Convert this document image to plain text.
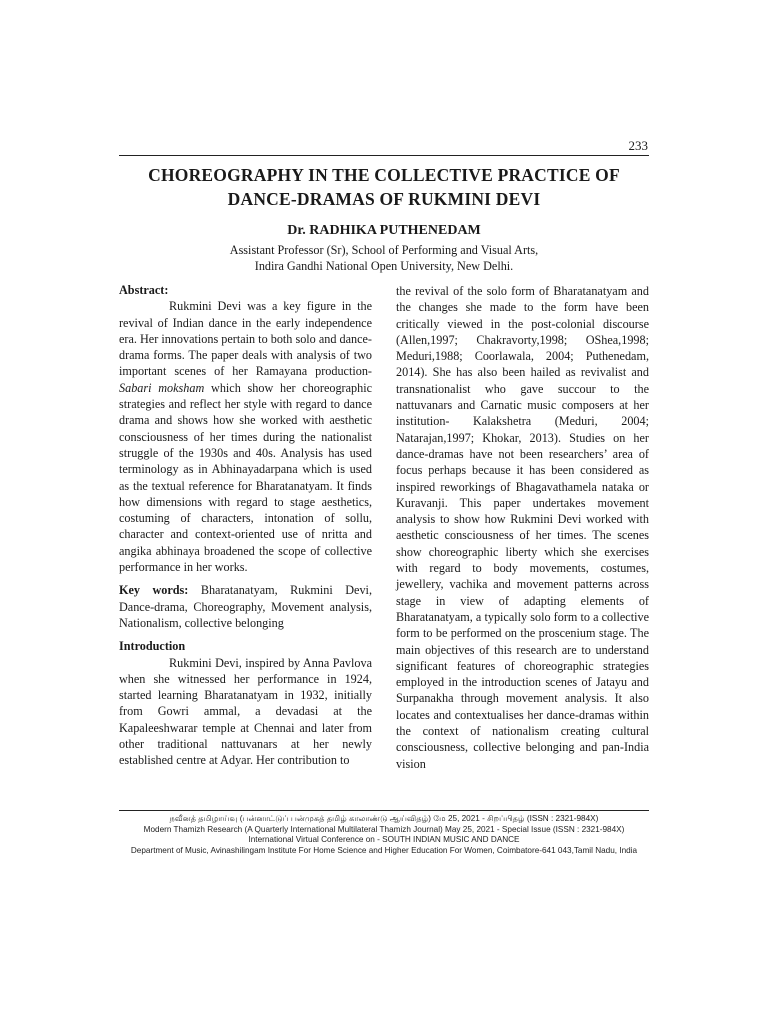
233
CHOREOGRAPHY IN THE COLLECTIVE PRACTICE OF
DANCE-DRAMAS OF RUKMINI DEVI
Dr. RADHIKA PUTHENEDAM
Assistant Professor (Sr), School of Performing and Visual Arts,
Indira Gandhi National Open University, New Delhi.

Abstract:

Rukmini Devi was a key figure in the revival of Indian dance in the early independence era. Her innovations pertain to both solo and dance-drama forms. The paper deals with analysis of two important scenes of her Ramayana production- Sabari moksham which show her choreographic strategies and reflect her style with regard to dance drama and shows how she worked with aesthetic consciousness of her times during the nationalist struggle of the 1930s and 40s. Analysis has used terminology as in Abhinayadarpana which is used as the textual reference for Bharatanatyam. It finds how dimensions with regard to stage aesthetics, costuming of characters, intonation of sollu, character and context-oriented use of nritta and angika abhinaya broadened the scope of collective performance in her works.

Key words: Bharatanatyam, Rukmini Devi, Dance-drama, Choreography, Movement analysis, Nationalism, collective belonging

Introduction

Rukmini Devi, inspired by Anna Pavlova when she witnessed her performance in 1924, started learning Bharatanatyam in 1932, initially from Gowri ammal, a devadasi at the Kapaleeshwarar temple at Chennai and later from other traditional nattuvanars at her newly established centre at Adyar. Her contribution to

the revival of the solo form of Bharatanatyam and the changes she made to the form have been critically viewed in the post-colonial discourse (Allen,1997; Chakravorty,1998; OShea,1998; Meduri,1988; Coorlawala, 2004; Puthenedam, 2014). She has also been hailed as revivalist and transnationalist who gave succour to the nattuvanars and Carnatic music composers at her institution- Kalakshetra (Meduri, 2004; Natarajan,1997; Khokar, 2013). Studies on her dance-dramas have not been researchers’ area of focus perhaps because it has been considered as inspired reworkings of Bhagavathamela nataka or Kuravanji. This paper undertakes movement analysis to show how Rukmini Devi worked with aesthetic consciousness of her times. The scenes show choreographic liberty which she exercises with regard to body movements, costumes, jewellery, vachika and movement patterns across stage in view of adapting elements of Bharatanatyam, a typically solo form to a collective form to be performed on the proscenium stage. The main objectives of this research are to understand significant features of choreographic strategies employed in the introduction scenes of Jatayu and Surpanakha through movement analysis. It also locates and contextualises her dance-dramas within the context of nationalism creating cultural consciousness, collective belonging and pan-India vision

நவீனத் தமிழாய்வு (பன்னாட்டுப் பன்முகத் தமிழ் காலாண்டு ஆய்விதழ்) மே 25, 2021 - சிறப்பிதழ் (ISSN : 2321-984X)
Modern Thamizh Research (A Quarterly International Multilateral Thamizh Journal) May 25, 2021 - Special Issue (ISSN : 2321-984X)
International Virtual Conference on - SOUTH INDIAN MUSIC AND DANCE
Department of Music, Avinashilingam Institute For Home Science and Higher Education For Women, Coimbatore-641 043,Tamil Nadu, India
